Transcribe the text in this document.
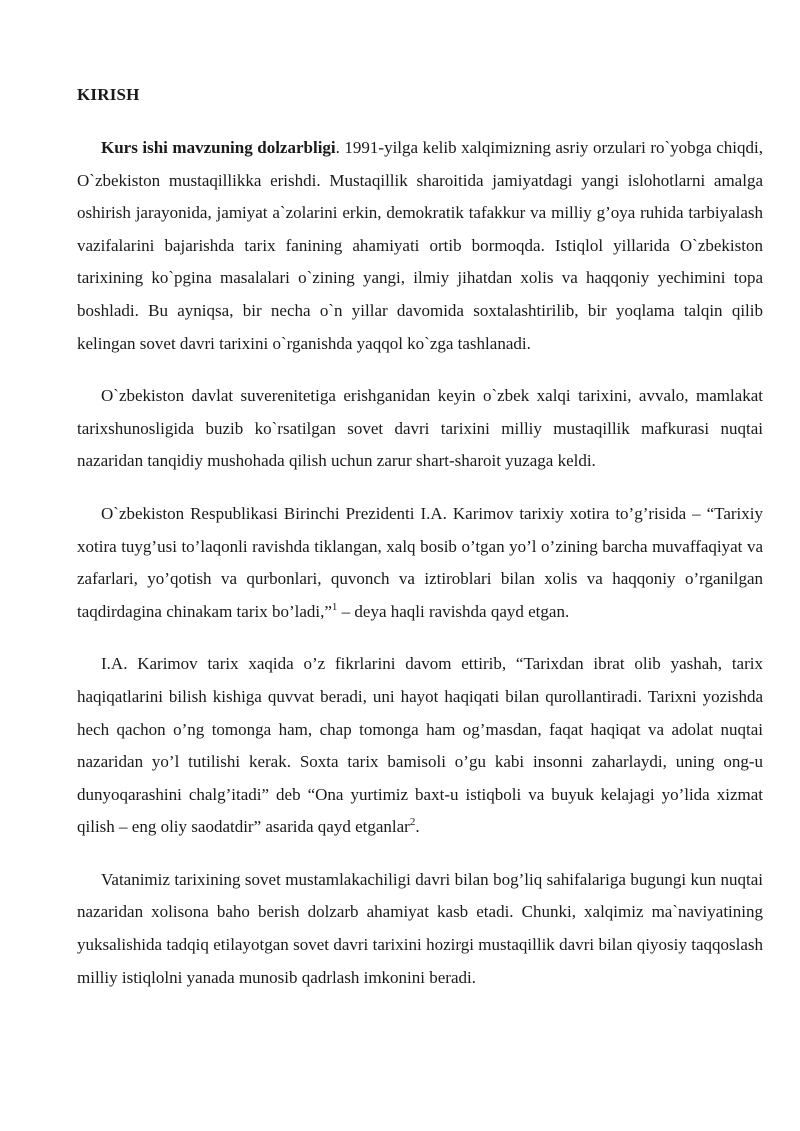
KIRISH

Kurs ishi mavzuning dolzarbligi. 1991-yilga kelib xalqimizning asriy orzulari ro`yobga chiqdi, O`zbekiston mustaqillikka erishdi. Mustaqillik sharoitida jamiyatdagi yangi islohotlarni amalga oshirish jarayonida, jamiyat a`zolarini erkin, demokratik tafakkur va milliy g’oya ruhida tarbiyalash vazifalarini bajarishda tarix fanining ahamiyati ortib bormoqda. Istiqlol yillarida O`zbekiston tarixining ko`pgina masalalari o`zining yangi, ilmiy jihatdan xolis va haqqoniy yechimini topa boshladi. Bu ayniqsa, bir necha o`n yillar davomida soxtalashtirilib, bir yoqlama talqin qilib kelingan sovet davri tarixini o`rganishda yaqqol ko`zga tashlanadi.

O`zbekiston davlat suverenitetiga erishganidan keyin o`zbek xalqi tarixini, avvalo, mamlakat tarixshunosligida buzib ko`rsatilgan sovet davri tarixini milliy mustaqillik mafkurasi nuqtai nazaridan tanqidiy mushohada qilish uchun zarur shart-sharoit yuzaga keldi.

O`zbekiston Respublikasi Birinchi Prezidenti I.A. Karimov tarixiy xotira to’g’risida – “Tarixiy xotira tuyg’usi to’laqonli ravishda tiklangan, xalq bosib o’tgan yo’l o’zining barcha muvaffaqiyat va zafarlari, yo’qotish va qurbonlari, quvonch va iztiroblari bilan xolis va haqqoniy o’rganilgan taqdirdagina chinakam tarix bo’ladi,”$^1$ – deya haqli ravishda qayd etgan.

I.A. Karimov tarix xaqida o’z fikrlarini davom ettirib, “Tarixdan ibrat olib yashah, tarix haqiqatlarini bilish kishiga quvvat beradi, uni hayot haqiqati bilan qurollantiradi. Tarixni yozishda hech qachon o’ng tomonga ham, chap tomonga ham og’masdan, faqat haqiqat va adolat nuqtai nazaridan yo’l tutilishi kerak. Soxta tarix bamisoli o’gu kabi insonni zaharlaydi, uning ong-u dunyoqarashini chalg’itadi” deb “Ona yurtimiz baxt-u istiqboli va buyuk kelajagi yo’lida xizmat qilish – eng oliy saodatdir” asarida qayd etganlar$^2$.

Vatanimiz tarixining sovet mustamlakachiligi davri bilan bog’liq sahifalariga bugungi kun nuqtai nazaridan xolisona baho berish dolzarb ahamiyat kasb etadi. Chunki, xalqimiz ma`naviyatining yuksalishida tadqiq etilayotgan sovet davri tarixini hozirgi mustaqillik davri bilan qiyosiy taqqoslash milliy istiqlolni yanada munosib qadrlash imkonini beradi.
